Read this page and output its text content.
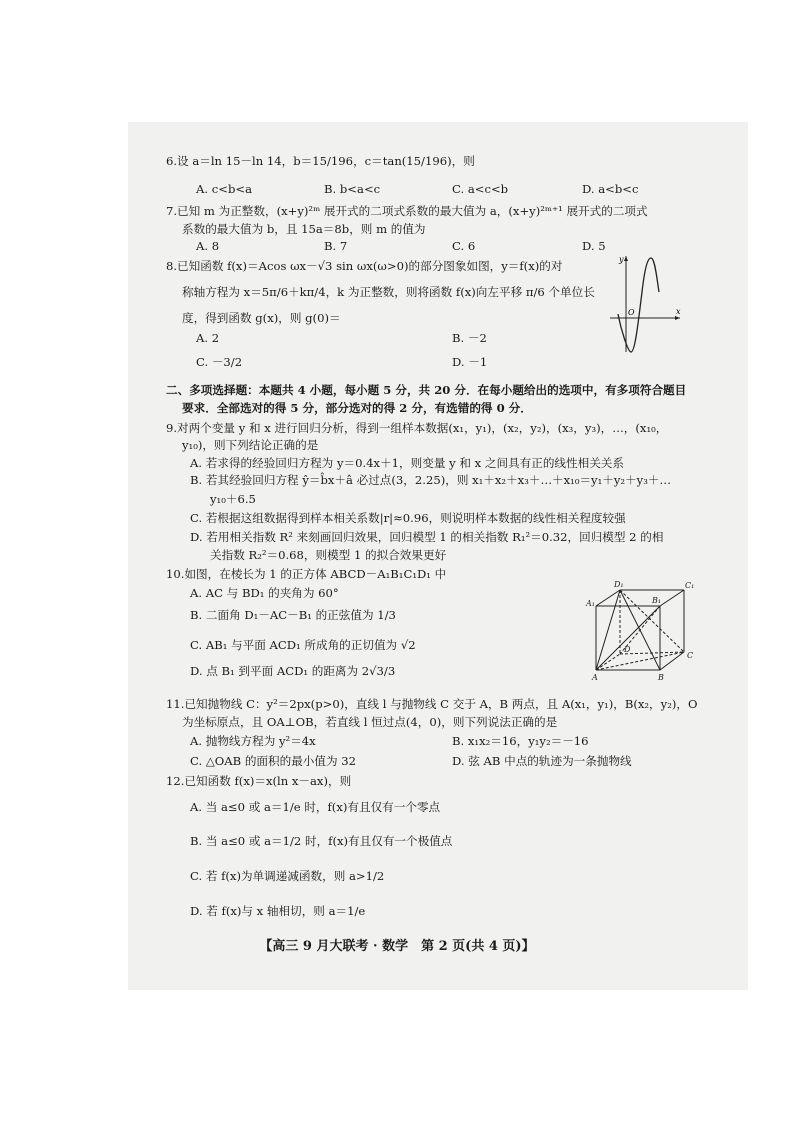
6.设 a＝ln 15－ln 14，b＝15/196，c＝tan(15/196)，则
A. c<b<a	B. b<a<c	C. a<c<b	D. a<b<c
7.已知 m 为正整数，(x+y)²ᵐ 展开式的二项式系数的最大值为 a，(x+y)²ᵐ⁺¹ 展开式的二项式
系数的最大值为 b，且 15a＝8b，则 m 的值为
A. 8	B. 7	C. 6	D. 5
8.已知函数 f(x)＝Acos ωx－√3 sin ωx(ω>0)的部分图象如图，y＝f(x)的对
称轴方程为 x＝5π/6＋kπ/4，k 为正整数，则将函数 f(x)向左平移 π/6 个单位长
度，得到函数 g(x)，则 g(0)＝
A. 2	B. －2
C. －3/2	D. －1
y
x
O
二、多项选择题：本题共 4 小题，每小题 5 分，共 20 分．在每小题给出的选项中，有多项符合题目
要求．全部选对的得 5 分，部分选对的得 2 分，有选错的得 0 分．
9.对两个变量 y 和 x 进行回归分析，得到一组样本数据(x₁，y₁)，(x₂，y₂)，(x₃，y₃)，…，(x₁₀，
y₁₀)，则下列结论正确的是
A. 若求得的经验回归方程为 y＝0.4x＋1，则变量 y 和 x 之间具有正的线性相关关系
B. 若其经验回归方程 ŷ＝b̂x＋â 必过点(3，2.25)，则 x₁＋x₂＋x₃＋…＋x₁₀＝y₁＋y₂＋y₃＋…
y₁₀＋6.5
C. 若根据这组数据得到样本相关系数|r|≈0.96，则说明样本数据的线性相关程度较强
D. 若用相关指数 R² 来刻画回归效果，回归模型 1 的相关指数 R₁²＝0.32，回归模型 2 的相
关指数 R₂²＝0.68，则模型 1 的拟合效果更好
10.如图，在棱长为 1 的正方体 ABCD－A₁B₁C₁D₁ 中
A. AC 与 BD₁ 的夹角为 60°
B. 二面角 D₁－AC－B₁ 的正弦值为 1/3
C. AB₁ 与平面 ACD₁ 所成角的正切值为 √2
D. 点 B₁ 到平面 ACD₁ 的距离为 2√3/3
D₁	C₁
A₁	B₁
D
C
A	B
11.已知抛物线 C：y²＝2px(p>0)，直线 l 与抛物线 C 交于 A，B 两点，且 A(x₁，y₁)，B(x₂，y₂)，O
为坐标原点，且 OA⊥OB，若直线 l 恒过点(4，0)，则下列说法正确的是
A. 抛物线方程为 y²＝4x	B. x₁x₂＝16，y₁y₂＝－16
C. △OAB 的面积的最小值为 32	D. 弦 AB 中点的轨迹为一条抛物线
12.已知函数 f(x)＝x(ln x－ax)，则
A. 当 a≤0 或 a＝1/e 时，f(x)有且仅有一个零点
B. 当 a≤0 或 a＝1/2 时，f(x)有且仅有一个极值点
C. 若 f(x)为单调递减函数，则 a>1/2
D. 若 f(x)与 x 轴相切，则 a＝1/e
【高三 9 月大联考 · 数学　第 2 页(共 4 页)】
